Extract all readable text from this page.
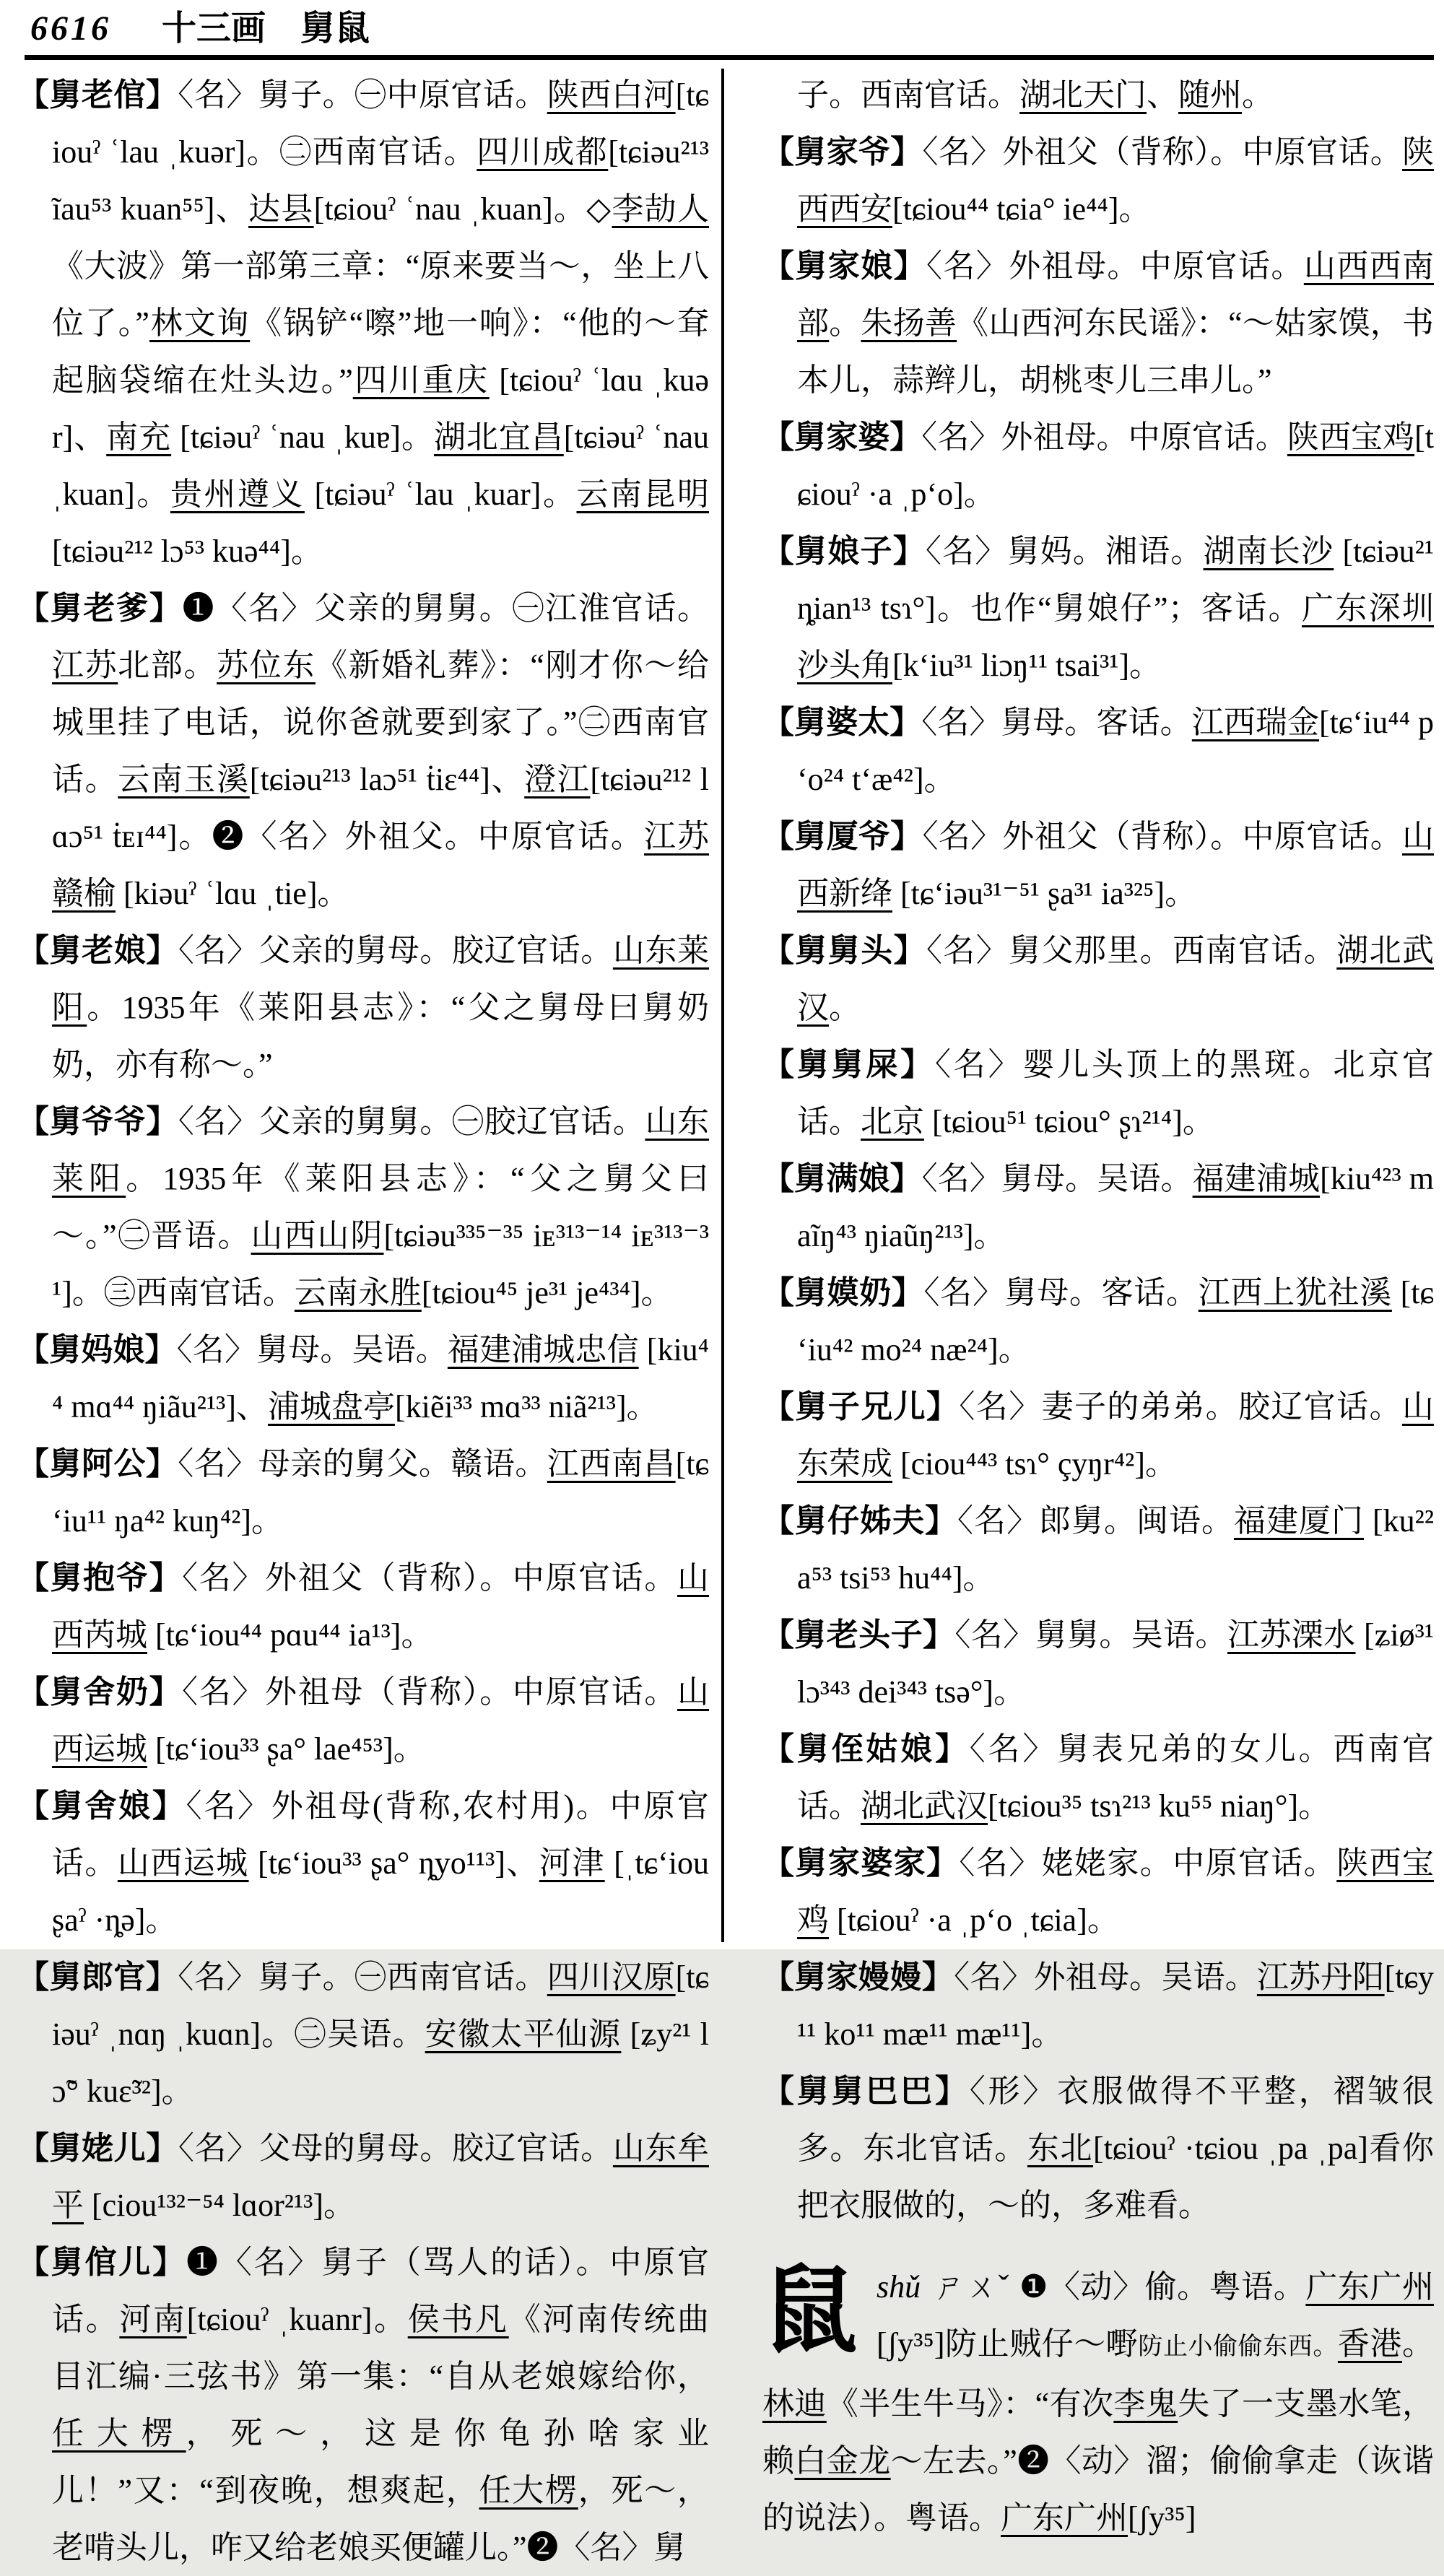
6616 十三画 舅鼠

【舅老倌】〈名〉舅子。㊀中原官话。陕西白河[tɕiouˀ ʿlau ˌkuər]。㊁西南官话。四川成都[tɕiəu²¹³ ĩau⁵³ kuan⁵⁵]、达县[tɕiouˀ ʿnau ˌkuan]。◇李劼人《大波》第一部第三章：“原来要当～，坐上八位了。”林文询《锅铲“嚓”地一响》：“他的～耷起脑袋缩在灶头边。”四川重庆 [tɕiouˀ ʿlɑu ˌkuər]、南充 [tɕiəuˀ ʿnau ˌkuɐ]。湖北宜昌[tɕiəuˀ ʿnau ˌkuan]。贵州遵义 [tɕiəuˀ ʿlau ˌkuar]。云南昆明 [tɕiəu²¹² lɔ⁵³ kuə⁴⁴]。

【舅老爹】❶〈名〉父亲的舅舅。㊀江淮官话。江苏北部。苏位东《新婚礼葬》：“刚才你～给城里挂了电话，说你爸就要到家了。”㊁西南官话。云南玉溪[tɕiəu²¹³ laɔ⁵¹ ṫiɛ⁴⁴]、澄江[tɕiəu²¹² lɑɔ⁵¹ ṫᴇɪ⁴⁴]。❷〈名〉外祖父。中原官话。江苏赣榆 [kiəuˀ ʿlɑu ˌtie]。

【舅老娘】〈名〉父亲的舅母。胶辽官话。山东莱阳。1935年《莱阳县志》：“父之舅母曰舅奶奶，亦有称～。”

【舅爷爷】〈名〉父亲的舅舅。㊀胶辽官话。山东莱阳。1935年《莱阳县志》：“父之舅父曰～。”㊁晋语。山西山阴[tɕiəu³³⁵⁻³⁵ iᴇ³¹³⁻¹⁴ iᴇ³¹³⁻³¹]。㊂西南官话。云南永胜[tɕiou⁴⁵ je³¹ je⁴³⁴]。

【舅妈娘】〈名〉舅母。吴语。福建浦城忠信 [kiu⁴⁴ mɑ⁴⁴ ŋiãu²¹³]、浦城盘亭[kiẽi³³ mɑ³³ niã²¹³]。

【舅阿公】〈名〉母亲的舅父。赣语。江西南昌[tɕʻiu¹¹ ŋa⁴² kuŋ⁴²]。

【舅抱爷】〈名〉外祖父（背称）。中原官话。山西芮城 [tɕʻiou⁴⁴ pɑu⁴⁴ ia¹³]。

【舅舍奶】〈名〉外祖母（背称）。中原官话。山西运城 [tɕʻiou³³ ʂa° lae⁴⁵³]。

【舅舍娘】〈名〉外祖母(背称,农村用)。中原官话。山西运城 [tɕʻiou³³ ʂa° ȵyo¹¹³]、河津 [ˌtɕʻiou ʂaˀ ·ȵə]。

【舅郎官】〈名〉舅子。㊀西南官话。四川汉原[tɕiəuˀ ˌnɑŋ ˌkuɑn]。㊁吴语。安徽太平仙源 [ʑy²¹ lɔ̃° kuɛ̃³²]。

【舅姥儿】〈名〉父母的舅母。胶辽官话。山东牟平 [ciou¹³²⁻⁵⁴ lɑor²¹³]。

【舅倌儿】❶〈名〉舅子（骂人的话）。中原官话。河南[tɕiouˀ ˌkuanr]。侯书凡《河南传统曲目汇编·三弦书》第一集：“自从老娘嫁给你，任大楞，死～，这是你龟孙啥家业儿！”又：“到夜晚，想爽起，任大楞，死～，老啃头儿，咋又给老娘买便罐儿。”❷〈名〉舅

子。西南官话。湖北天门、随州。

【舅家爷】〈名〉外祖父（背称）。中原官话。陕西西安[tɕiou⁴⁴ tɕia° ie⁴⁴]。

【舅家娘】〈名〉外祖母。中原官话。山西西南部。朱扬善《山西河东民谣》：“～姑家馍，书本儿，蒜辫儿，胡桃枣儿三串儿。”

【舅家婆】〈名〉外祖母。中原官话。陕西宝鸡[tɕiouˀ ·a ˌpʻo]。

【舅娘子】〈名〉舅妈。湘语。湖南长沙 [tɕiəu²¹ ȵian¹³ tsɿ°]。也作“舅娘仔”；客话。广东深圳沙头角[kʻiu³¹ liɔŋ¹¹ tsai³¹]。

【舅婆太】〈名〉舅母。客话。江西瑞金[tɕʻiu⁴⁴ pʻo²⁴ tʻæ⁴²]。

【舅厦爷】〈名〉外祖父（背称）。中原官话。山西新绛 [tɕʻiəu³¹⁻⁵¹ ʂa³¹ ia³²⁵]。

【舅舅头】〈名〉舅父那里。西南官话。湖北武汉。

【舅舅屎】〈名〉婴儿头顶上的黑斑。北京官话。北京 [tɕiou⁵¹ tɕiou° ʂɿ²¹⁴]。

【舅满娘】〈名〉舅母。吴语。福建浦城[kiu⁴²³ maĩŋ⁴³ ŋiaũŋ²¹³]。

【舅嫫奶】〈名〉舅母。客话。江西上犹社溪 [tɕʻiu⁴² mo²⁴ næ²⁴]。

【舅子兄儿】〈名〉妻子的弟弟。胶辽官话。山东荣成 [ciou⁴⁴³ tsɿ° çyŋr⁴²]。

【舅仔姊夫】〈名〉郎舅。闽语。福建厦门 [ku²² a⁵³ tsi⁵³ hu⁴⁴]。

【舅老头子】〈名〉舅舅。吴语。江苏溧水 [ʑiø³¹ lɔ³⁴³ dei³⁴³ tsə°]。

【舅侄姑娘】〈名〉舅表兄弟的女儿。西南官话。湖北武汉[tɕiou³⁵ tsɿ²¹³ ku⁵⁵ niaŋ°]。

【舅家婆家】〈名〉姥姥家。中原官话。陕西宝鸡 [tɕiouˀ ·a ˌpʻo ˌtɕia]。

【舅家嫚嫚】〈名〉外祖母。吴语。江苏丹阳[tɕy¹¹ ko¹¹ mæ¹¹ mæ¹¹]。

【舅舅巴巴】〈形〉衣服做得不平整，褶皱很多。东北官话。东北[tɕiouˀ ·tɕiou ˌpa ˌpa]看你把衣服做的，～的，多难看。

鼠shǔ ㄕㄨˇ ❶〈动〉偷。粤语。广东广州 [ʃy³⁵]防止贼仔～嘢防止小偷偷东西。香港。林迪《半生牛马》：“有次李鬼失了一支墨水笔，赖白金龙～左去。”❷〈动〉溜；偷偷拿走（诙谐的说法）。粤语。广东广州[ʃy³⁵]
